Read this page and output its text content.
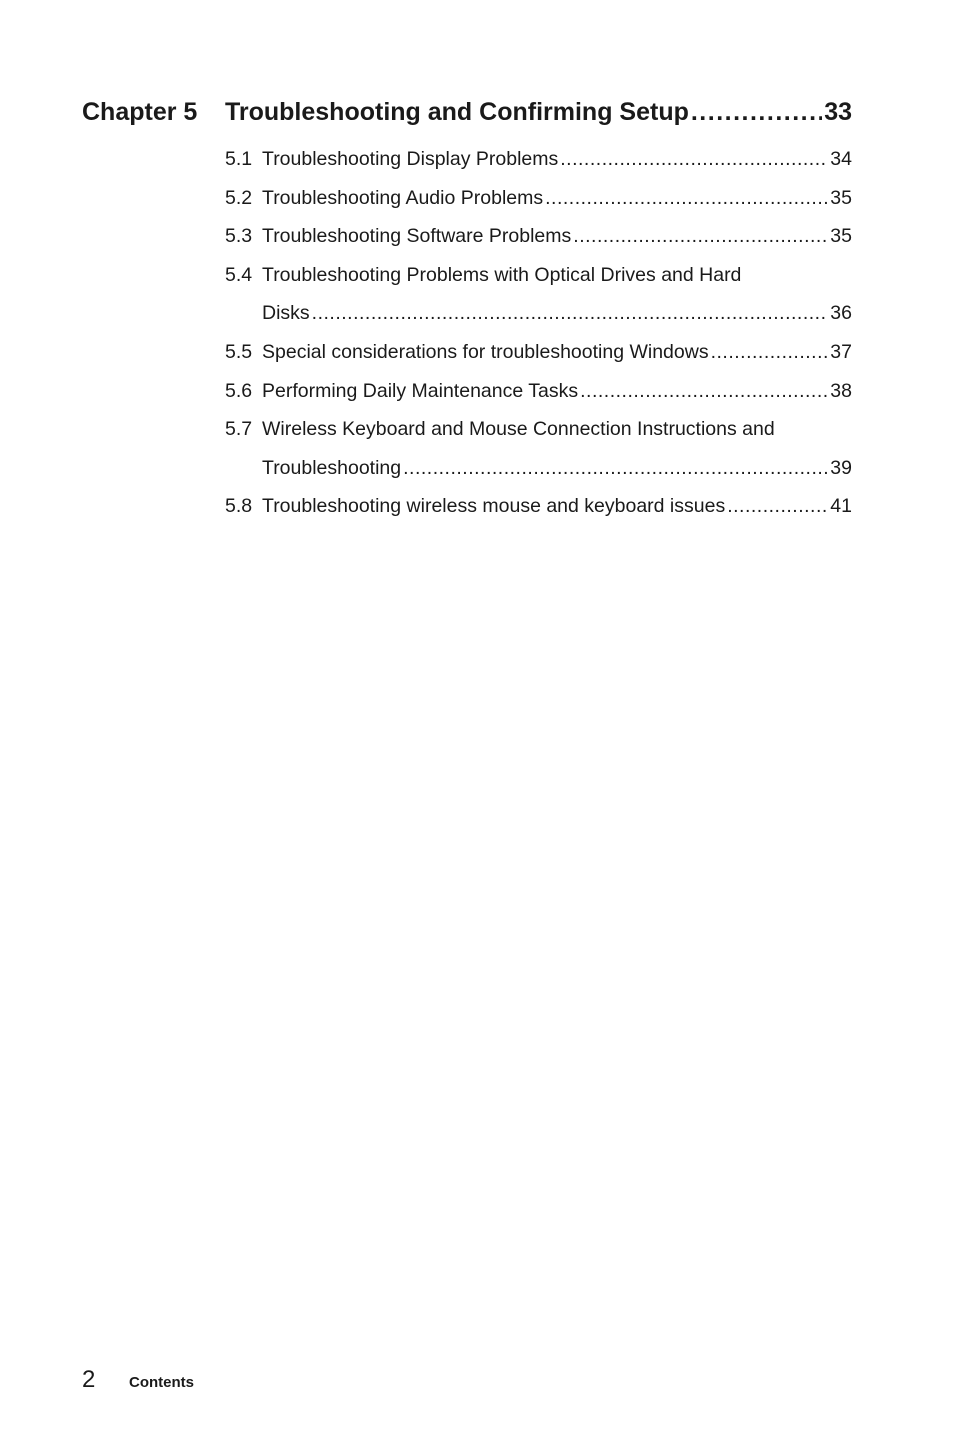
Chapter 5	Troubleshooting and Confirming Setup .....	33
5.1 Troubleshooting Display Problems .....	34
5.2 Troubleshooting Audio Problems .....	35
5.3 Troubleshooting Software Problems .....	35
5.4 Troubleshooting Problems with Optical Drives and Hard
Disks .....	36
5.5 Special considerations for troubleshooting Windows .....	37
5.6 Performing Daily Maintenance Tasks .....	38
5.7 Wireless Keyboard and Mouse Connection Instructions and
Troubleshooting .....	39
5.8 Troubleshooting wireless mouse and keyboard issues .....	41
2	Contents
